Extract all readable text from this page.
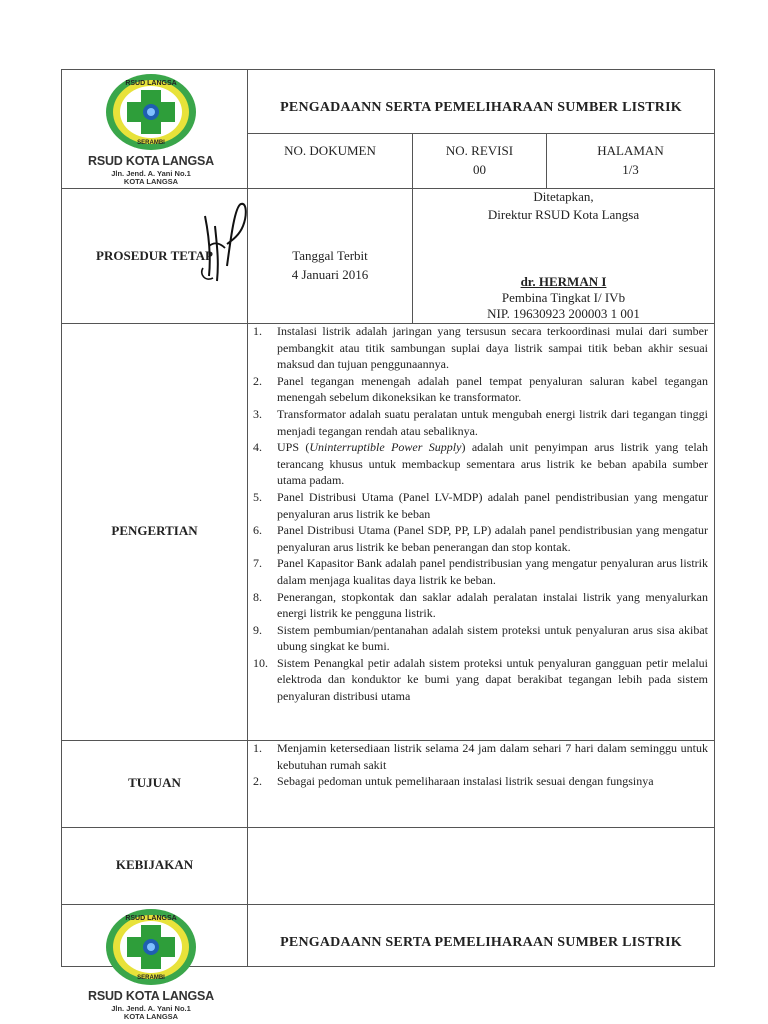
RSUD LANGSA
SERAMBI
RSUD KOTA LANGSA
Jln. Jend. A. Yani No.1
KOTA LANGSA
PENGADAANN SERTA PEMELIHARAAN SUMBER LISTRIK
NO. DOKUMEN	NO. REVISI
00
HALAMAN
1/3
PROSEDUR TETAP	Tanggal Terbit
4 Januari 2016
Ditetapkan,
Direktur RSUD Kota Langsa
dr. HERMAN I
Pembina Tingkat I/ IVb
NIP. 19630923 200003 1 001
PENGERTIAN
1. Instalasi listrik adalah jaringan yang tersusun secara terkoordinasi mulai dari sumber pembangkit atau titik sambungan suplai daya listrik sampai titik beban akhir sesuai maksud dan tujuan penggunaannya.
2. Panel tegangan menengah adalah panel tempat penyaluran saluran kabel tegangan menengah sebelum dikoneksikan ke transformator.
3. Transformator adalah suatu peralatan untuk mengubah energi listrik dari tegangan tinggi menjadi tegangan rendah atau sebaliknya.
4. UPS (Uninterruptible Power Supply) adalah unit penyimpan arus listrik yang telah terancang khusus untuk membackup sementara arus listrik ke beban apabila sumber utama padam.
5. Panel Distribusi Utama (Panel LV-MDP) adalah panel pendistribusian yang mengatur penyaluran arus listrik ke beban
6. Panel Distribusi Utama (Panel SDP, PP, LP) adalah panel pendistribusian yang mengatur penyaluran arus listrik ke beban penerangan dan stop kontak.
7. Panel Kapasitor Bank adalah panel pendistribusian yang mengatur penyaluran arus listrik dalam menjaga kualitas daya listrik ke beban.
8. Penerangan, stopkontak dan saklar adalah peralatan instalai listrik yang menyalurkan energi listrik ke pengguna listrik.
9. Sistem pembumian/pentanahan adalah sistem proteksi untuk penyaluran arus sisa akibat ubung singkat ke bumi.
10. Sistem Penangkal petir adalah sistem proteksi untuk penyaluran gangguan petir melalui elektroda dan konduktor ke bumi yang dapat berakibat tegangan lebih pada sistem penyaluran distribusi utama
TUJUAN
1. Menjamin ketersediaan listrik selama 24 jam dalam sehari 7 hari dalam seminggu untuk kebutuhan rumah sakit
2. Sebagai pedoman untuk pemeliharaan instalasi listrik sesuai dengan fungsinya
KEBIJAKAN
RSUD LANGSA
SERAMBI
RSUD KOTA LANGSA
Jln. Jend. A. Yani No.1
KOTA LANGSA
PENGADAANN SERTA PEMELIHARAAN SUMBER LISTRIK
